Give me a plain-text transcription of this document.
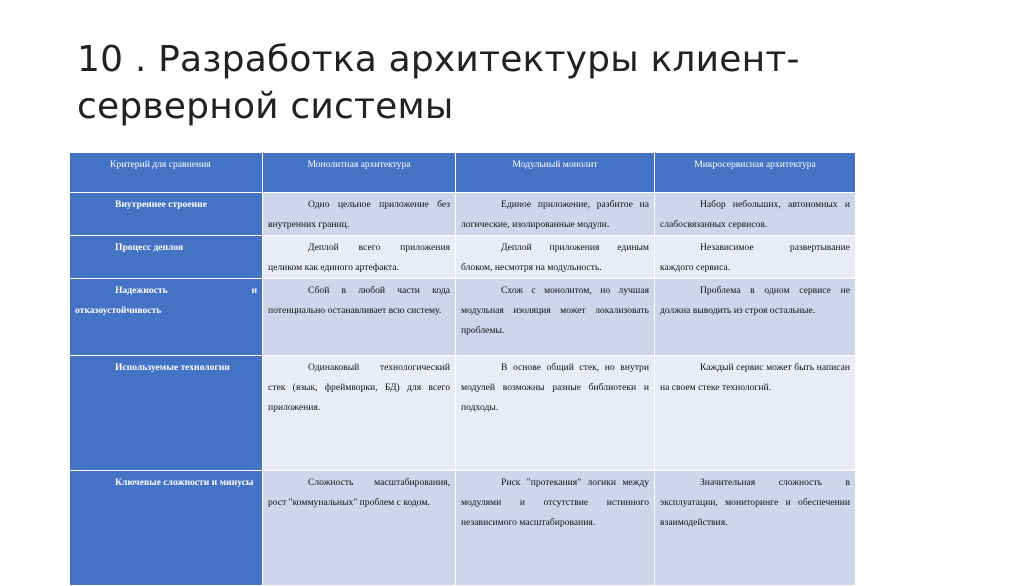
10 . Разработка архитектуры клиент-
серверной системы
Критерий для сравнения	Монолитная архитектура	Модульный монолит	Микросервисная архитектура

Внутреннее строение	Одно цельное приложение без внутренних границ.	Единое приложение, разбитое на логические, изолированные модули.	Набор небольших, автономных и слабосвязанных сервисов.

Процесс деплоя	Деплой всего приложения целиком как единого артефакта.	Деплой приложения единым блоком, несмотря на модульность.	Независимое развертывание каждого сервиса.

Надежность и отказоустойчивость	Сбой в любой части кода потенциально останавливает всю систему.	Схож с монолитом, но лучшая модульная изоляция может локализовать проблемы.	Проблема в одном сервисе не должна выводить из строя остальные.

Используемые технологии	Одинаковый технологический стек (язык, фреймворки, БД) для всего приложения.	В основе общий стек, но внутри модулей возможны разные библиотеки и подходы.	Каждый сервис может быть написан на своем стеке технологий.

Ключевые сложности и минусы	Сложность масштабирования, рост "коммунальных" проблем с кодом.	Риск "протекания" логики между модулями и отсутствие истинного независимого масштабирования.	Значительная сложность в эксплуатации, мониторинге и обеспечении взаимодействия.
